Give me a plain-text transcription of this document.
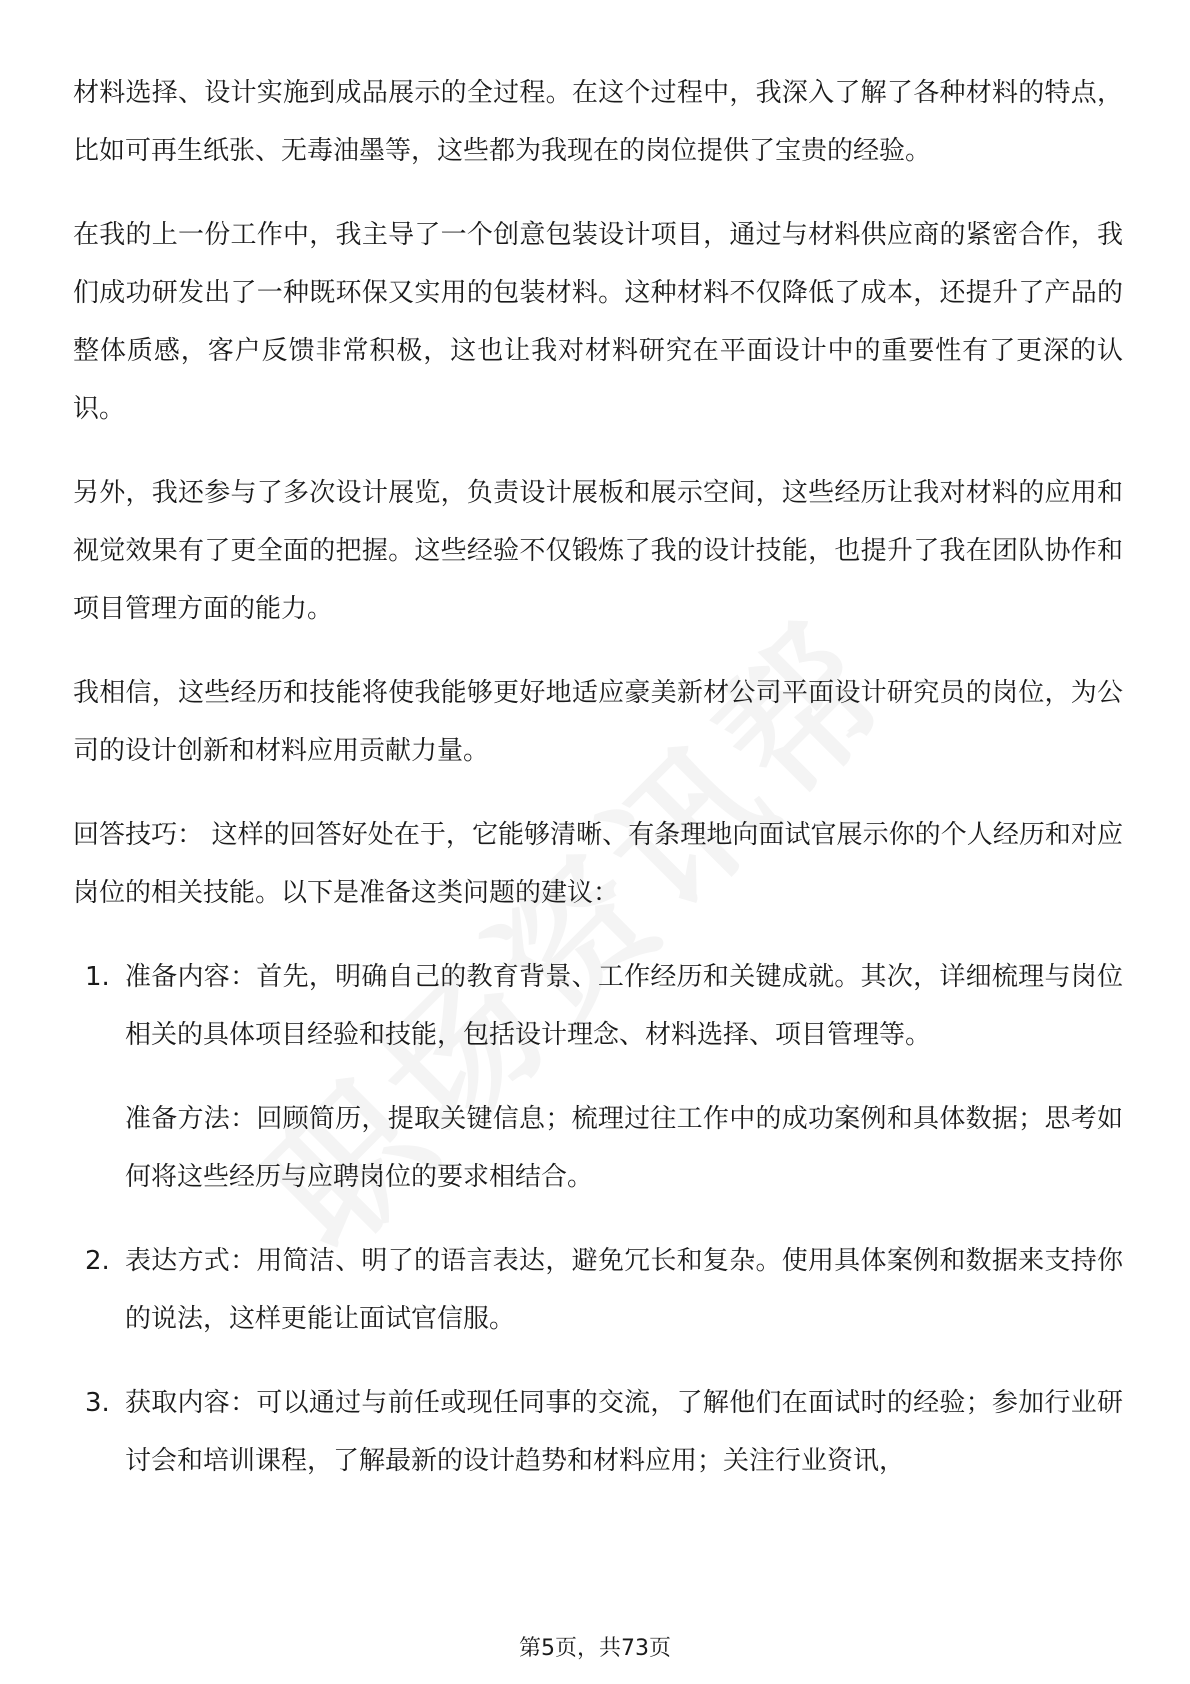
材料选择、设计实施到成品展示的全过程。在这个过程中，我深入了解了各种材料的特点，比如可再生纸张、无毒油墨等，这些都为我现在的岗位提供了宝贵的经验。

在我的上一份工作中，我主导了一个创意包装设计项目，通过与材料供应商的紧密合作，我们成功研发出了一种既环保又实用的包装材料。这种材料不仅降低了成本，还提升了产品的整体质感，客户反馈非常积极，这也让我对材料研究在平面设计中的重要性有了更深的认识。

另外，我还参与了多次设计展览，负责设计展板和展示空间，这些经历让我对材料的应用和视觉效果有了更全面的把握。这些经验不仅锻炼了我的设计技能，也提升了我在团队协作和项目管理方面的能力。

我相信，这些经历和技能将使我能够更好地适应豪美新材公司平面设计研究员的岗位，为公司的设计创新和材料应用贡献力量。

回答技巧： 这样的回答好处在于，它能够清晰、有条理地向面试官展示你的个人经历和对应岗位的相关技能。以下是准备这类问题的建议：

1. 准备内容：首先，明确自己的教育背景、工作经历和关键成就。其次，详细梳理与岗位相关的具体项目经验和技能，包括设计理念、材料选择、项目管理等。

准备方法：回顾简历，提取关键信息；梳理过往工作中的成功案例和具体数据；思考如何将这些经历与应聘岗位的要求相结合。

2. 表达方式：用简洁、明了的语言表达，避免冗长和复杂。使用具体案例和数据来支持你的说法，这样更能让面试官信服。

3. 获取内容：可以通过与前任或现任同事的交流，了解他们在面试时的经验；参加行业研讨会和培训课程，了解最新的设计趋势和材料应用；关注行业资讯，

第5页，共73页
